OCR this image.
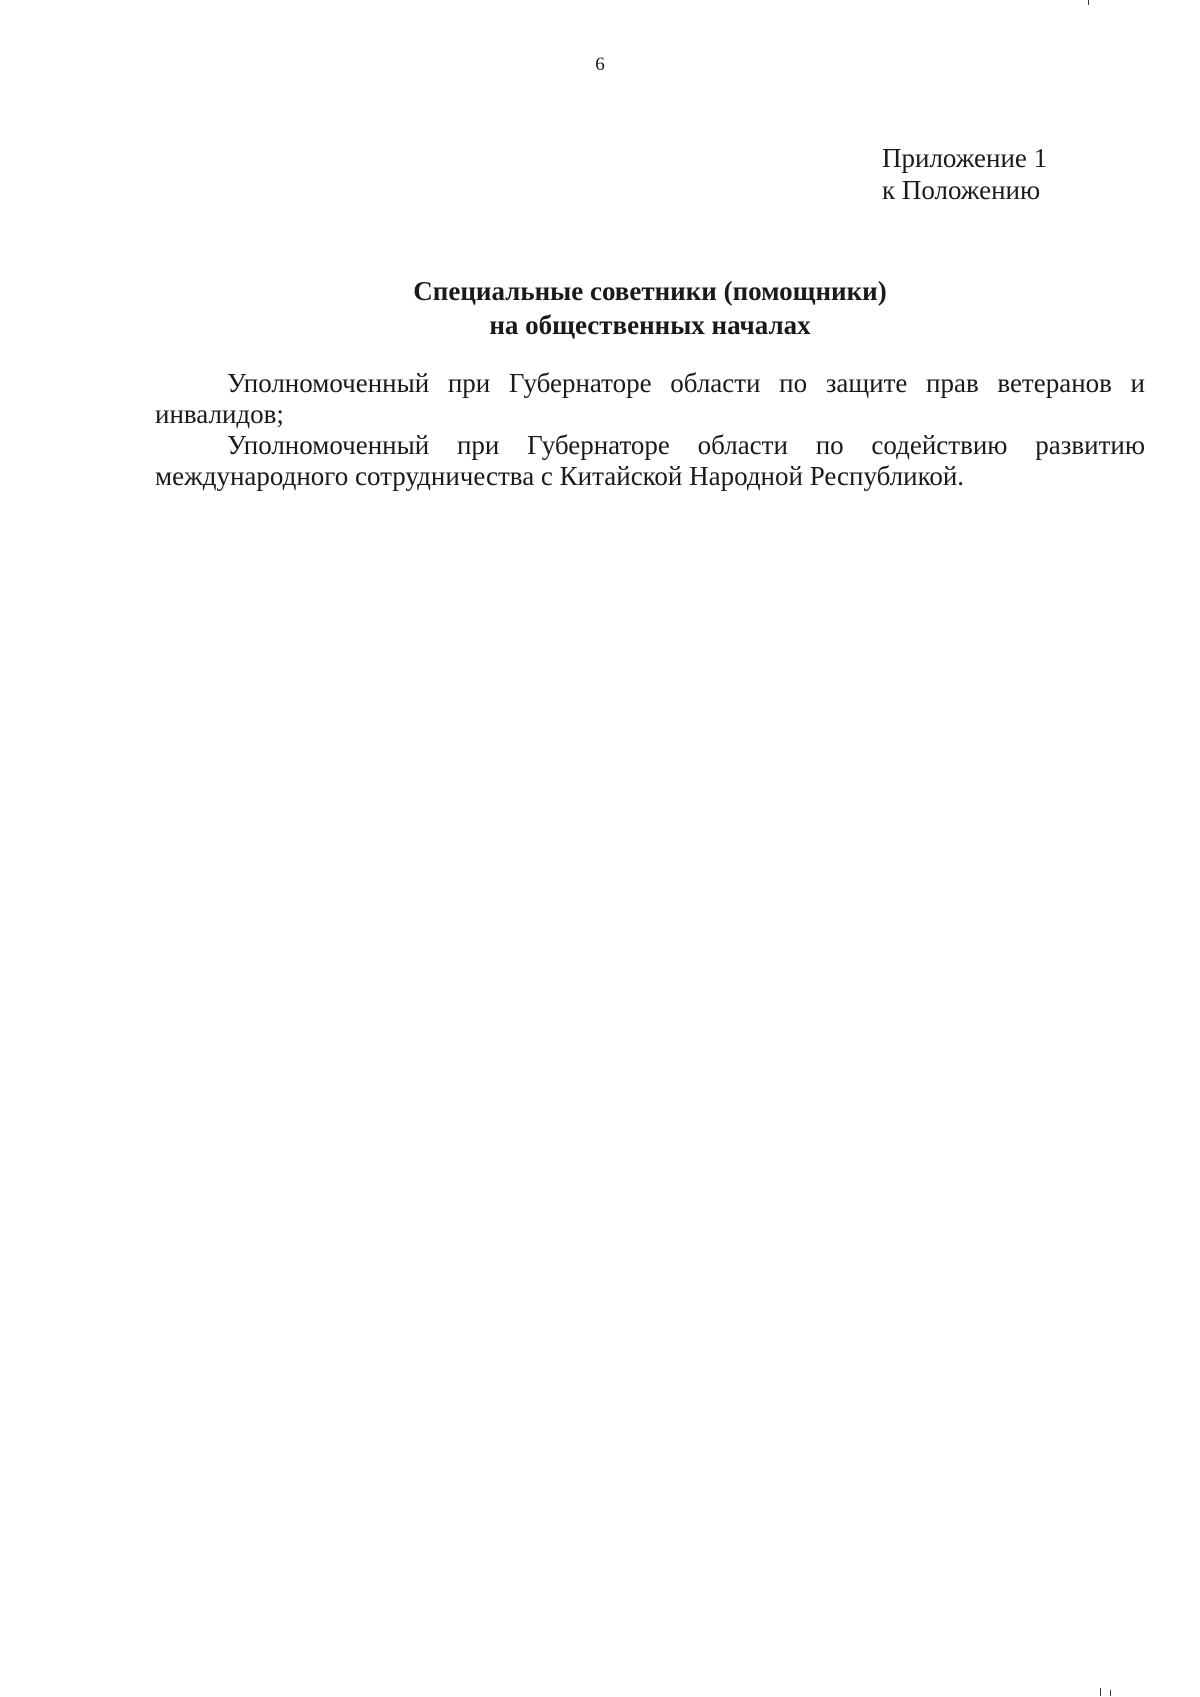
6
Приложение 1
к Положению
Специальные советники (помощники)
на общественных началах

Уполномоченный при Губернаторе области по защите прав ветеранов и инвалидов;

Уполномоченный при Губернаторе области по содействию развитию международного сотрудничества с Китайской Народной Республикой.
